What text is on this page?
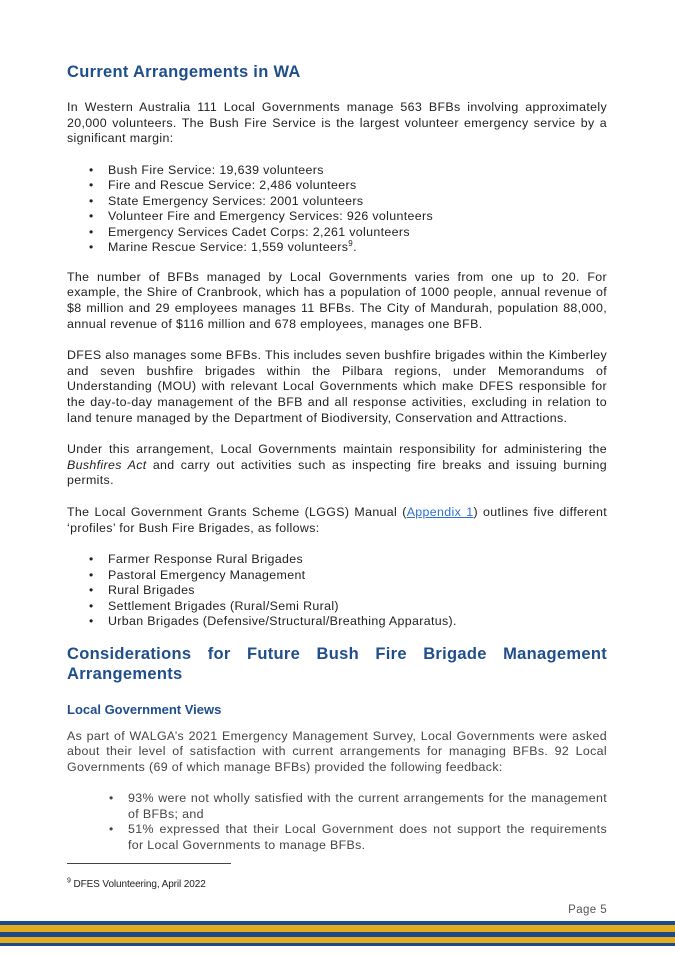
Current Arrangements in WA

In Western Australia 111 Local Governments manage 563 BFBs involving approximately 20,000 volunteers. The Bush Fire Service is the largest volunteer emergency service by a significant margin:

• Bush Fire Service: 19,639 volunteers
• Fire and Rescue Service: 2,486 volunteers
• State Emergency Services: 2001 volunteers
• Volunteer Fire and Emergency Services: 926 volunteers
• Emergency Services Cadet Corps: 2,261 volunteers
• Marine Rescue Service: 1,559 volunteers$^9$.

The number of BFBs managed by Local Governments varies from one up to 20. For example, the Shire of Cranbrook, which has a population of 1000 people, annual revenue of $8 million and 29 employees manages 11 BFBs. The City of Mandurah, population 88,000, annual revenue of $116 million and 678 employees, manages one BFB.

DFES also manages some BFBs. This includes seven bushfire brigades within the Kimberley and seven bushfire brigades within the Pilbara regions, under Memorandums of Understanding (MOU) with relevant Local Governments which make DFES responsible for the day-to-day management of the BFB and all response activities, excluding in relation to land tenure managed by the Department of Biodiversity, Conservation and Attractions.

Under this arrangement, Local Governments maintain responsibility for administering the Bushfires Act and carry out activities such as inspecting fire breaks and issuing burning permits.

The Local Government Grants Scheme (LGGS) Manual (Appendix 1) outlines five different ‘profiles’ for Bush Fire Brigades, as follows:

• Farmer Response Rural Brigades
• Pastoral Emergency Management
• Rural Brigades
• Settlement Brigades (Rural/Semi Rural)
• Urban Brigades (Defensive/Structural/Breathing Apparatus).
Considerations for Future Bush Fire Brigade Management
Arrangements
Local Government Views

As part of WALGA’s 2021 Emergency Management Survey, Local Governments were asked about their level of satisfaction with current arrangements for managing BFBs. 92 Local Governments (69 of which manage BFBs) provided the following feedback:

• 93% were not wholly satisfied with the current arrangements for the management of BFBs; and
• 51% expressed that their Local Government does not support the requirements for Local Governments to manage BFBs.
$^9$ DFES Volunteering, April 2022
Page 5
